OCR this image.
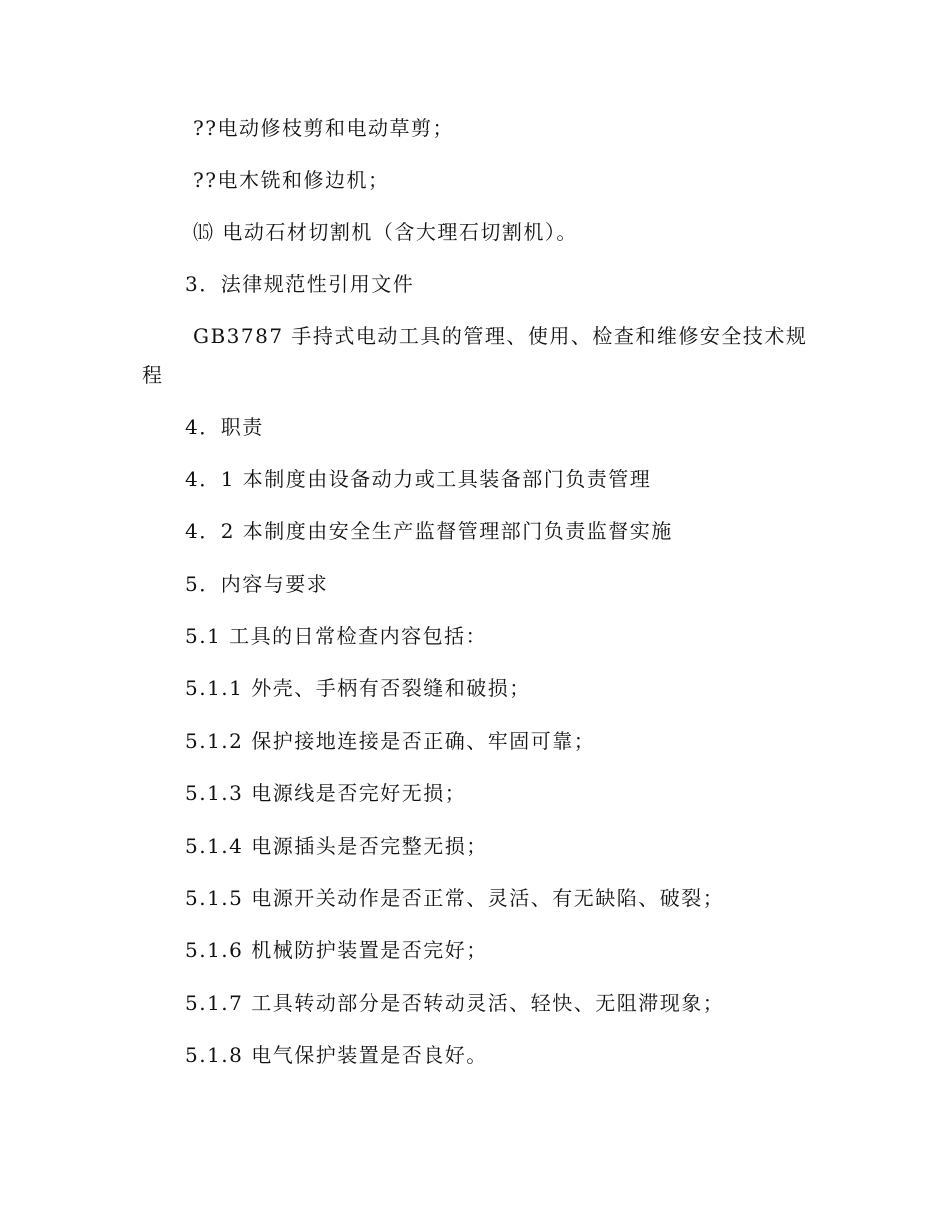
??电动修枝剪和电动草剪；
??电木铣和修边机；
⒂ 电动石材切割机（含大理石切割机）。
3．法律规范性引用文件
GB3787 手持式电动工具的管理、使用、检查和维修安全技术规
程
4．职责
4．1 本制度由设备动力或工具装备部门负责管理
4．2 本制度由安全生产监督管理部门负责监督实施
5．内容与要求
5.1 工具的日常检查内容包括：
5.1.1 外壳、手柄有否裂缝和破损；
5.1.2 保护接地连接是否正确、牢固可靠；
5.1.3 电源线是否完好无损；
5.1.4 电源插头是否完整无损；
5.1.5 电源开关动作是否正常、灵活、有无缺陷、破裂；
5.1.6 机械防护装置是否完好；
5.1.7 工具转动部分是否转动灵活、轻快、无阻滞现象；
5.1.8 电气保护装置是否良好。
